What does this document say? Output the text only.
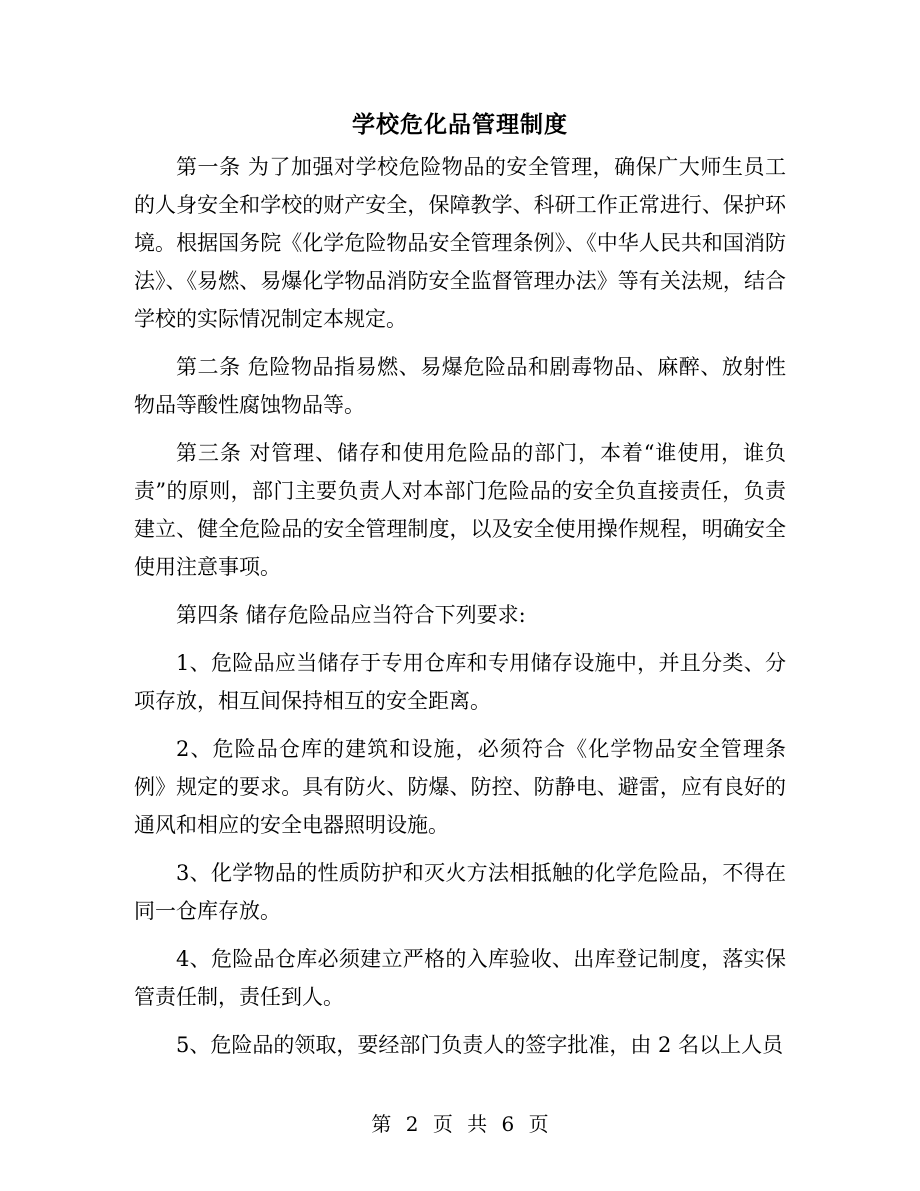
学校危化品管理制度

第一条 为了加强对学校危险物品的安全管理，确保广大师生员工的人身安全和学校的财产安全，保障教学、科研工作正常进行、保护环境。根据国务院《化学危险物品安全管理条例》、《中华人民共和国消防法》、《易燃、易爆化学物品消防安全监督管理办法》等有关法规，结合学校的实际情况制定本规定。

第二条 危险物品指易燃、易爆危险品和剧毒物品、麻醉、放射性物品等酸性腐蚀物品等。

第三条 对管理、储存和使用危险品的部门，本着“谁使用，谁负责”的原则，部门主要负责人对本部门危险品的安全负直接责任，负责建立、健全危险品的安全管理制度，以及安全使用操作规程，明确安全使用注意事项。

第四条 储存危险品应当符合下列要求:

1、危险品应当储存于专用仓库和专用储存设施中，并且分类、分项存放，相互间保持相互的安全距离。

2、危险品仓库的建筑和设施，必须符合《化学物品安全管理条例》规定的要求。具有防火、防爆、防控、防静电、避雷，应有良好的通风和相应的安全电器照明设施。

3、化学物品的性质防护和灭火方法相抵触的化学危险品，不得在同一仓库存放。

4、危险品仓库必须建立严格的入库验收、出库登记制度，落实保管责任制，责任到人。

5、危险品的领取，要经部门负责人的签字批准，由 2 名以上人员

第 2 页 共 6 页
